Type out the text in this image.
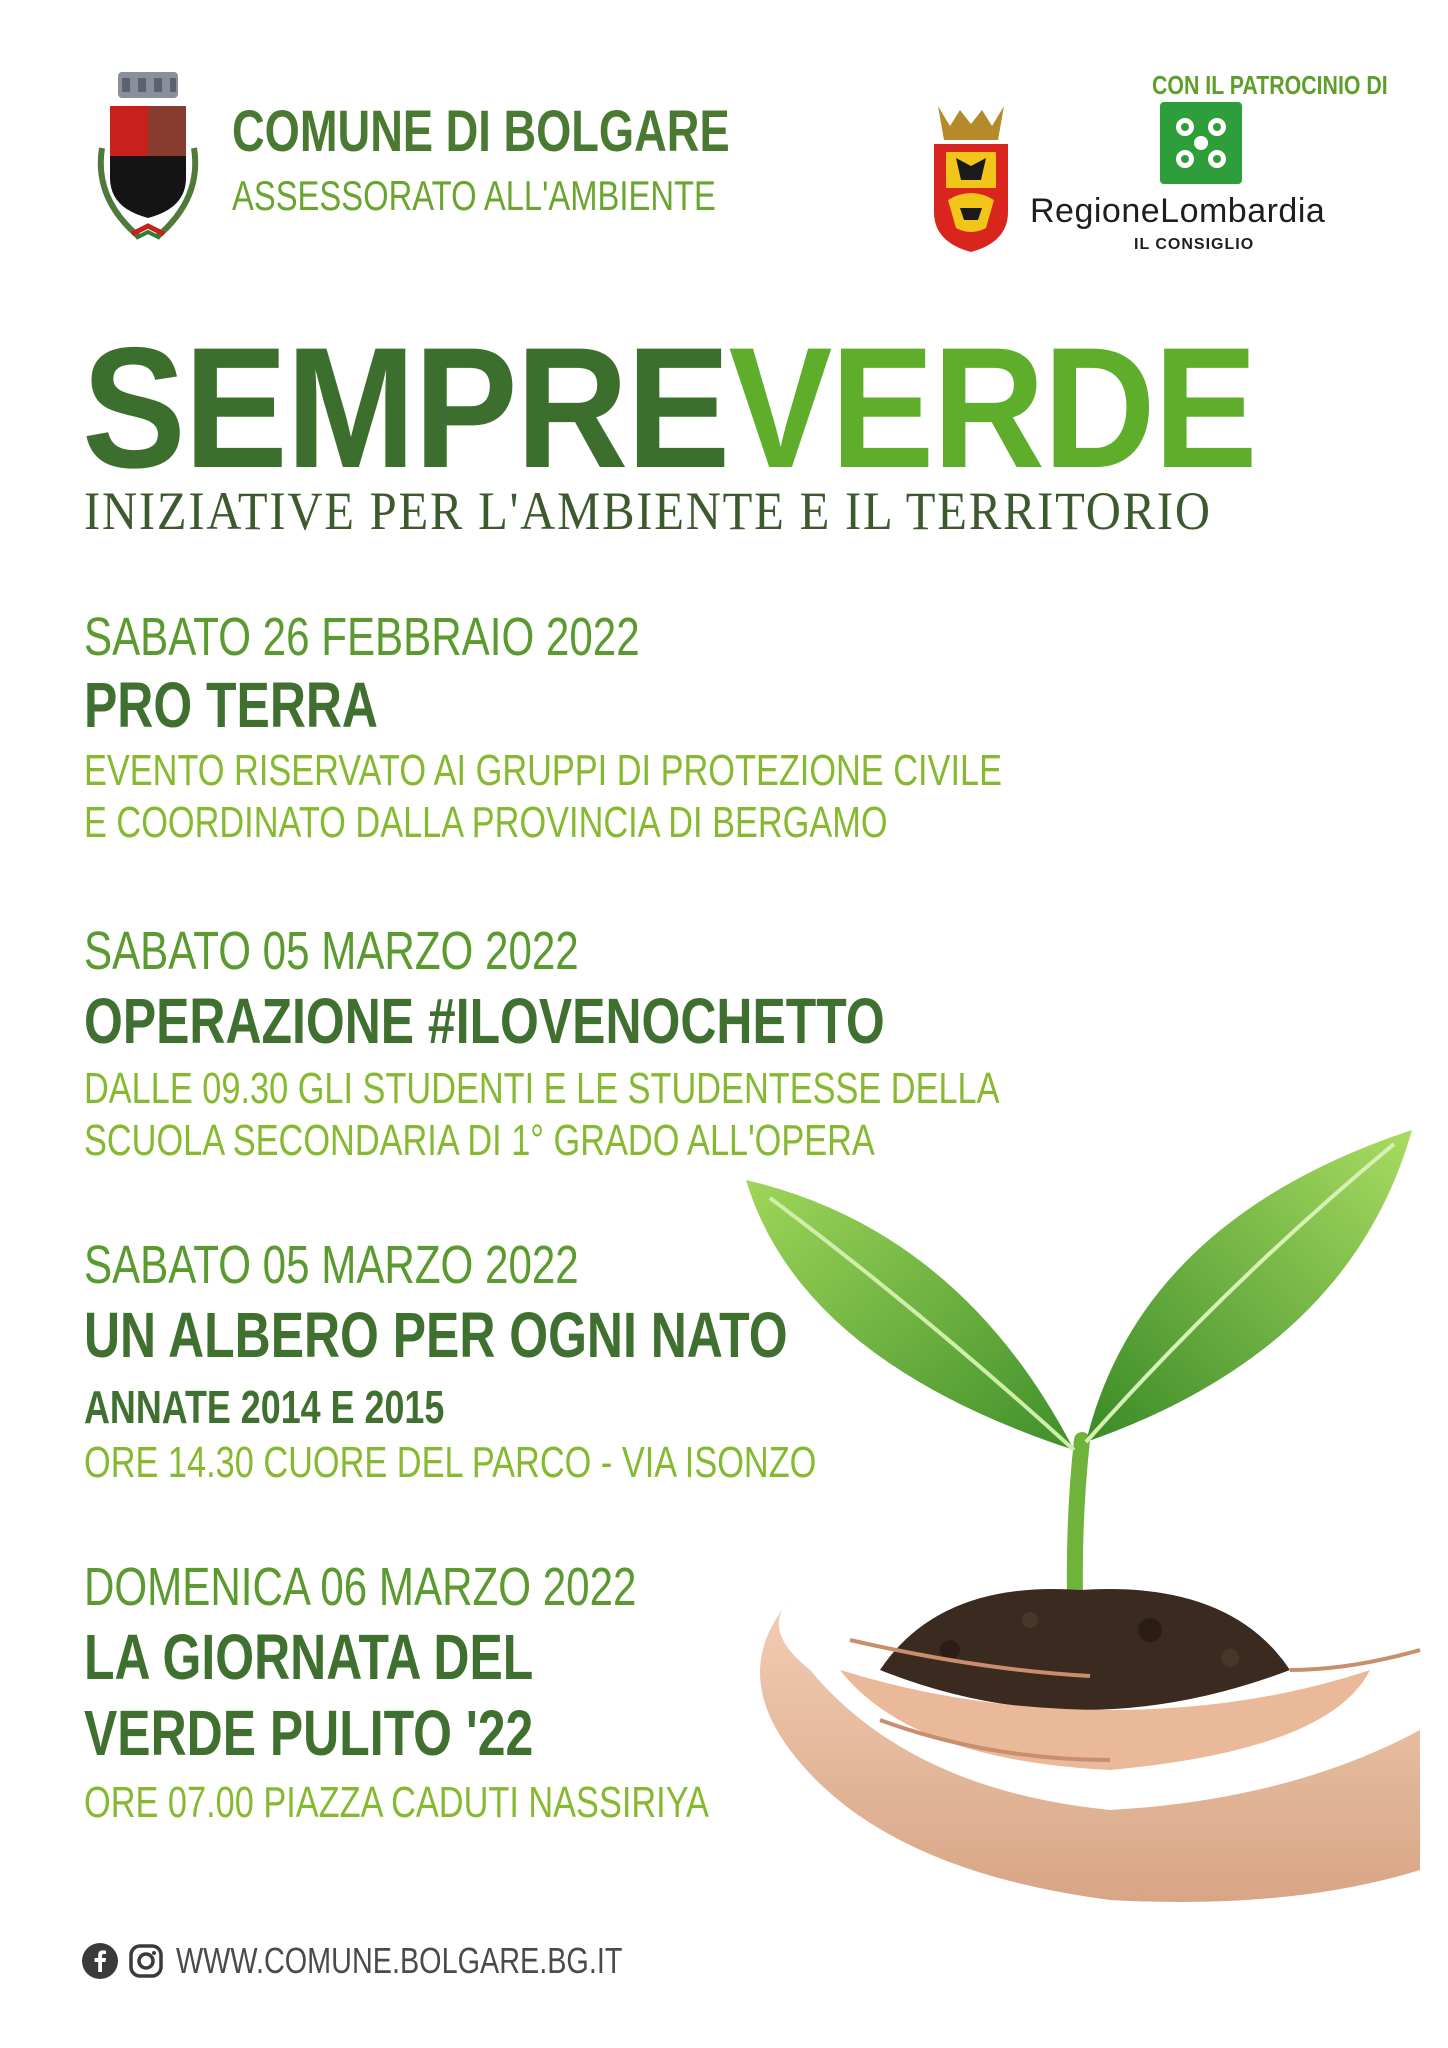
COMUNE DI BOLGARE
ASSESSORATO ALL'AMBIENTE
CON IL PATROCINIO DI
RegioneLombardia
IL CONSIGLIO
SEMPREVERDE
INIZIATIVE PER L'AMBIENTE E IL TERRITORIO
SABATO 26 FEBBRAIO 2022
PRO TERRA
EVENTO RISERVATO AI GRUPPI DI PROTEZIONE CIVILE
E COORDINATO DALLA PROVINCIA DI BERGAMO
SABATO 05 MARZO 2022
OPERAZIONE #ILOVENOCHETTO
DALLE 09.30 GLI STUDENTI E LE STUDENTESSE DELLA
SCUOLA SECONDARIA DI 1° GRADO ALL'OPERA
SABATO 05 MARZO 2022
UN ALBERO PER OGNI NATO
ANNATE 2014 E 2015
ORE 14.30 CUORE DEL PARCO - VIA ISONZO
DOMENICA 06 MARZO 2022
LA GIORNATA DEL
VERDE PULITO '22
ORE 07.00 PIAZZA CADUTI NASSIRIYA
WWW.COMUNE.BOLGARE.BG.IT
